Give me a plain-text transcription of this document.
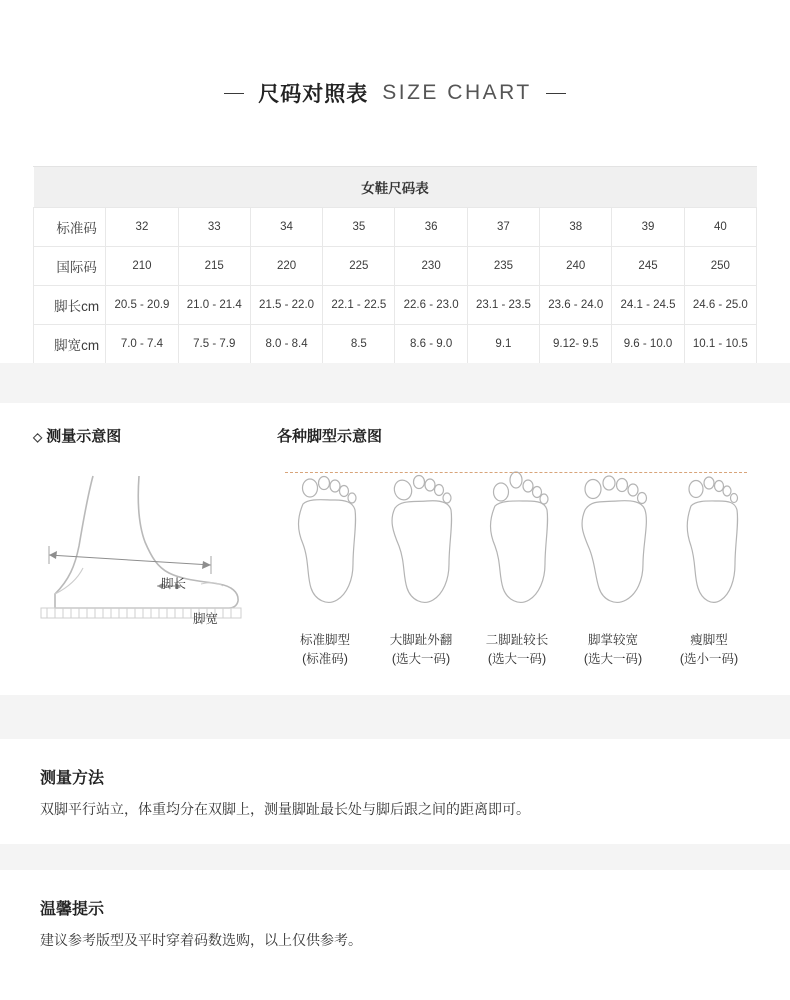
尺码对照表 SIZE CHART
女鞋尺码表									
标准码	32	33	34	35	36	37	38	39	40
国际码	210	215	220	225	230	235	240	245	250
脚长cm	20.5 - 20.9	21.0 - 21.4	21.5 - 22.0	22.1 - 22.5	22.6 - 23.0	23.1 - 23.5	23.6 - 24.0	24.1 - 24.5	24.6 - 25.0
脚宽cm	7.0 - 7.4	7.5 - 7.9	8.0 - 8.4	8.5	8.6 - 9.0	9.1	9.12- 9.5	9.6 - 10.0	10.1 - 10.5
◇ 测量示意图
脚长
脚宽
各种脚型示意图
标准脚型
(标准码)
大脚趾外翻
(选大一码)
二脚趾较长
(选大一码)
脚掌较宽
(选大一码)
瘦脚型
(选小一码)
测量方法

双脚平行站立，体重均分在双脚上，测量脚趾最长处与脚后跟之间的距离即可。

温馨提示

建议参考版型及平时穿着码数选购，以上仅供参考。
